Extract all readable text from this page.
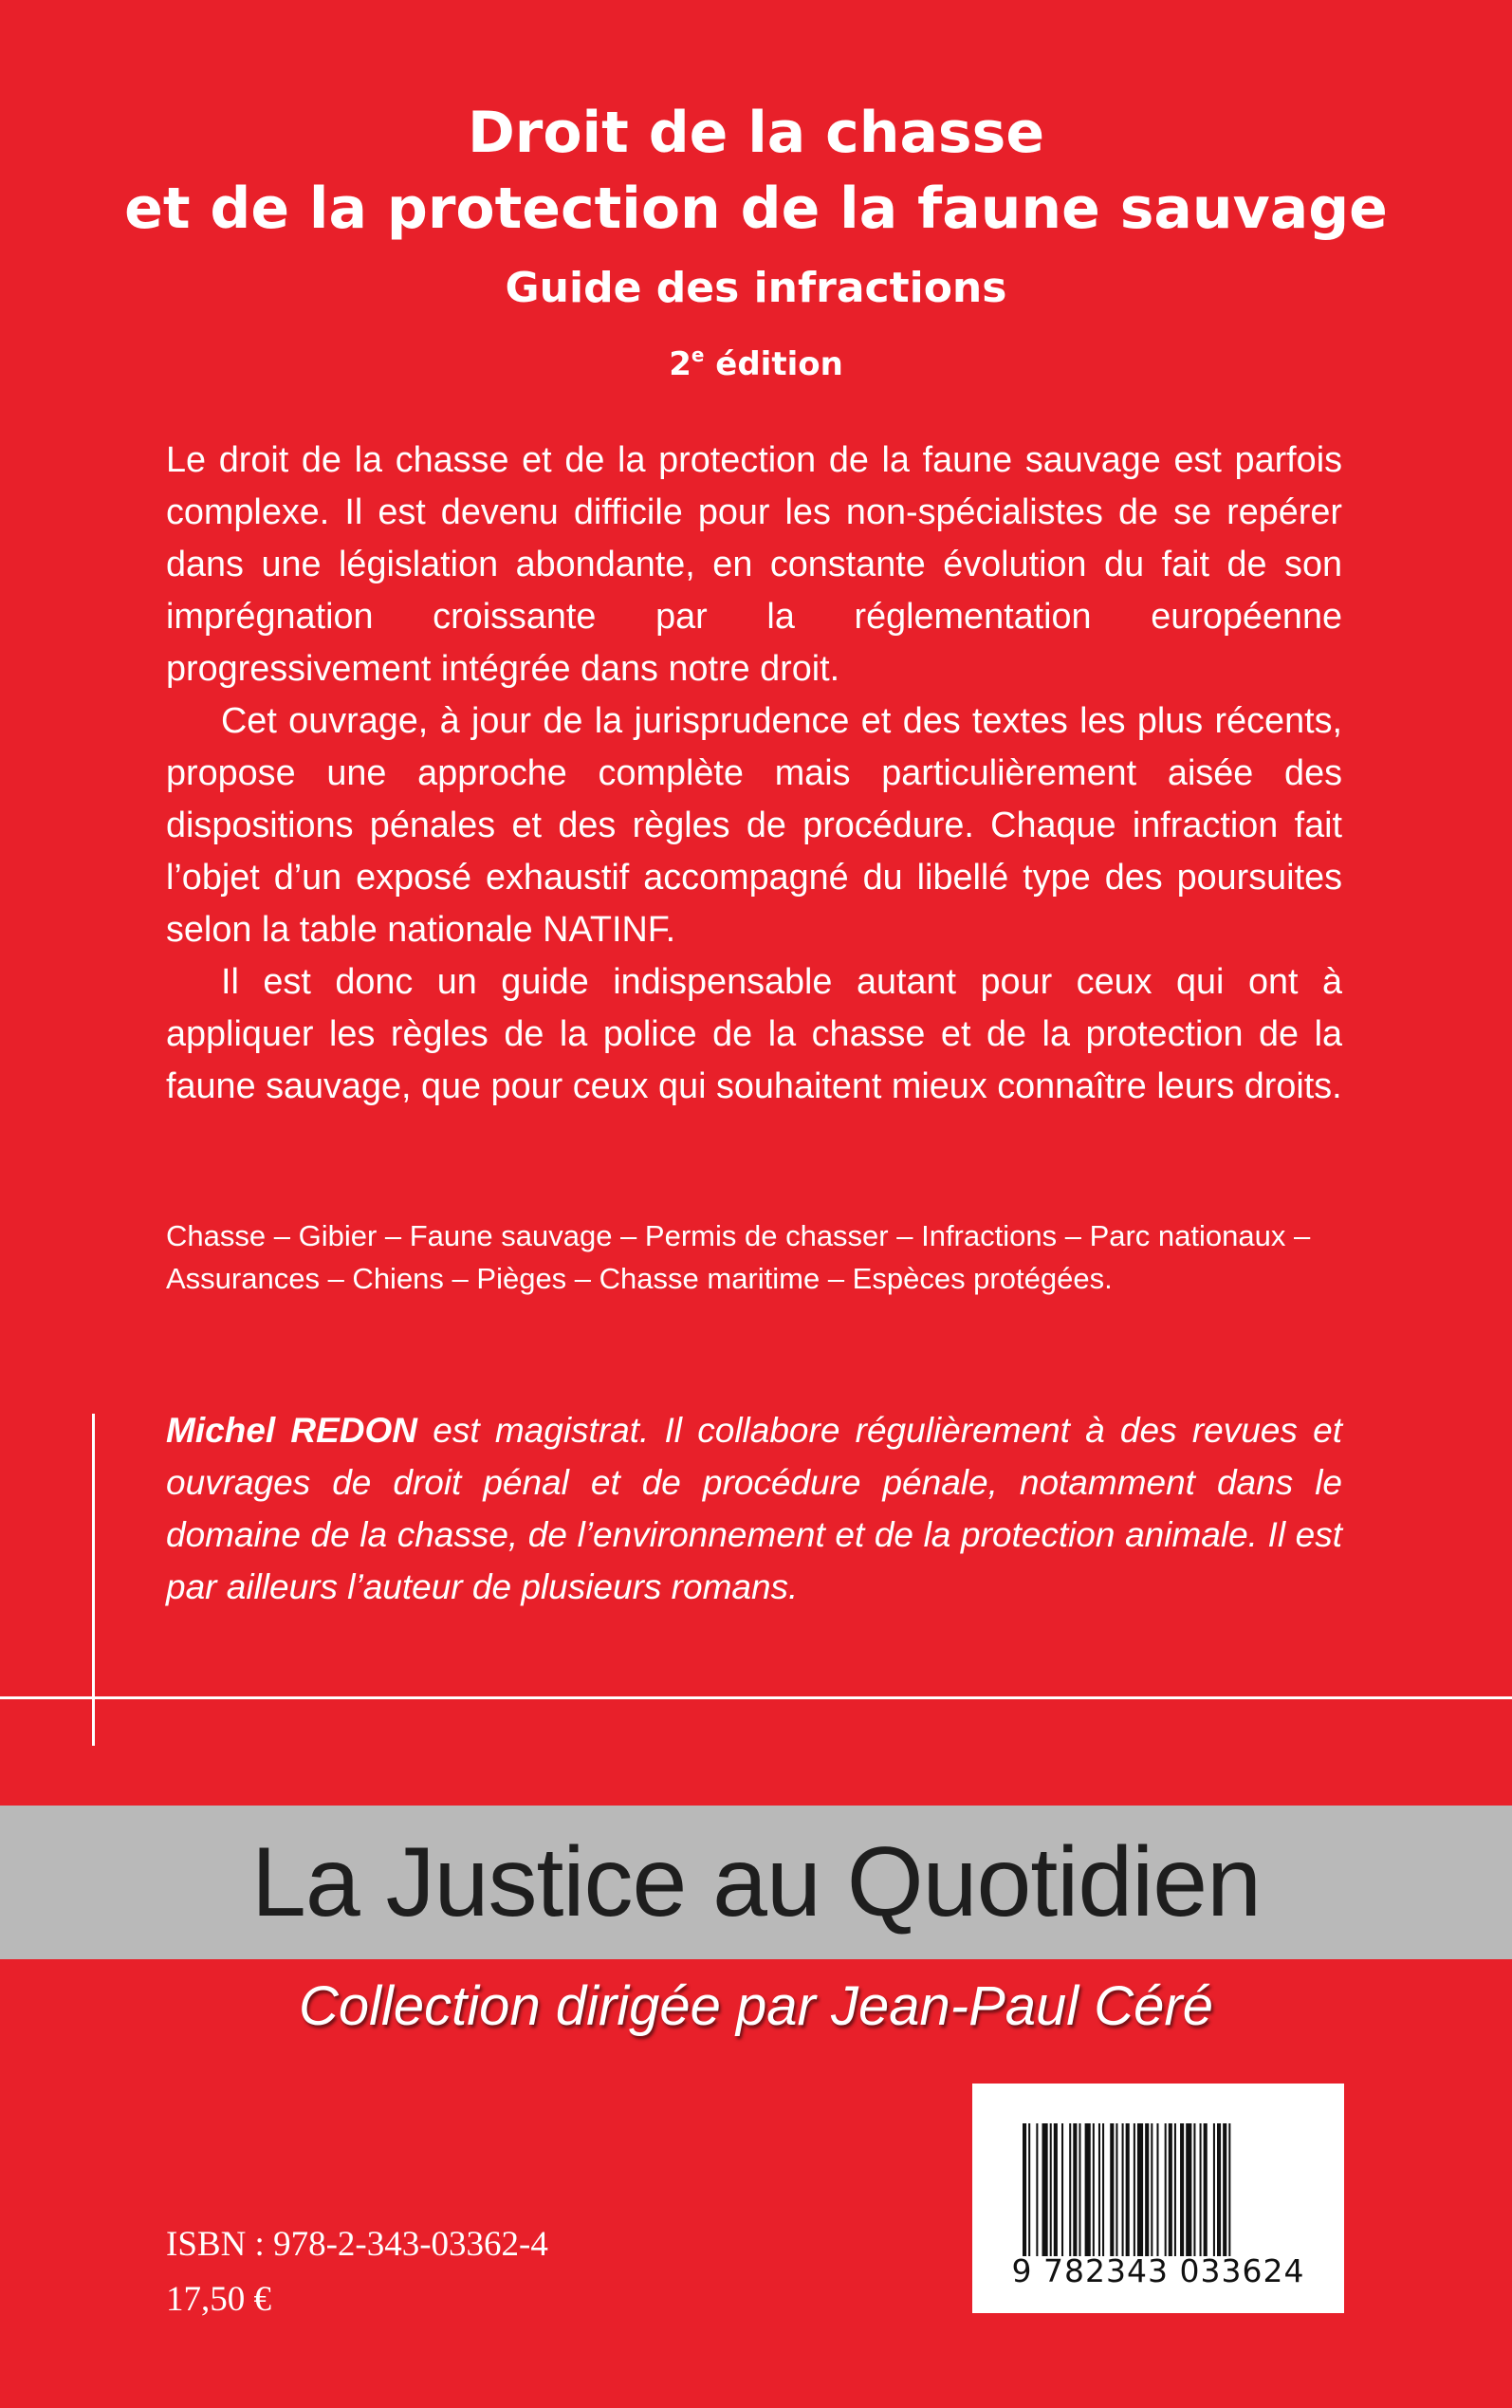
Droit de la chasse
et de la protection de la faune sauvage
Guide des infractions
2e édition

Le droit de la chasse et de la protection de la faune sauvage est parfois complexe. Il est devenu difficile pour les non-spécialistes de se repérer dans une législation abondante, en constante évolution du fait de son imprégnation croissante par la réglementation européenne progressivement intégrée dans notre droit.

Cet ouvrage, à jour de la jurisprudence et des textes les plus récents, propose une approche complète mais particulièrement aisée des dispositions pénales et des règles de procédure. Chaque infraction fait l’objet d’un exposé exhaustif accompagné du libellé type des poursuites selon la table nationale NATINF.

Il est donc un guide indispensable autant pour ceux qui ont à appliquer les règles de la police de la chasse et de la protection de la faune sauvage, que pour ceux qui souhaitent mieux connaître leurs droits.

Chasse – Gibier – Faune sauvage – Permis de chasser – Infractions – Parc nationaux –
Assurances – Chiens – Pièges – Chasse maritime – Espèces protégées.
Michel REDON est magistrat. Il collabore régulièrement à des revues et ouvrages de droit pénal et de procédure pénale, notamment dans le domaine de la chasse, de l’environnement et de la protection animale. Il est par ailleurs l’auteur de plusieurs romans.
La Justice au Quotidien
Collection dirigée par Jean-Paul Céré
9 782343 033624
ISBN : 978-2-343-03362-4
17,50 €
